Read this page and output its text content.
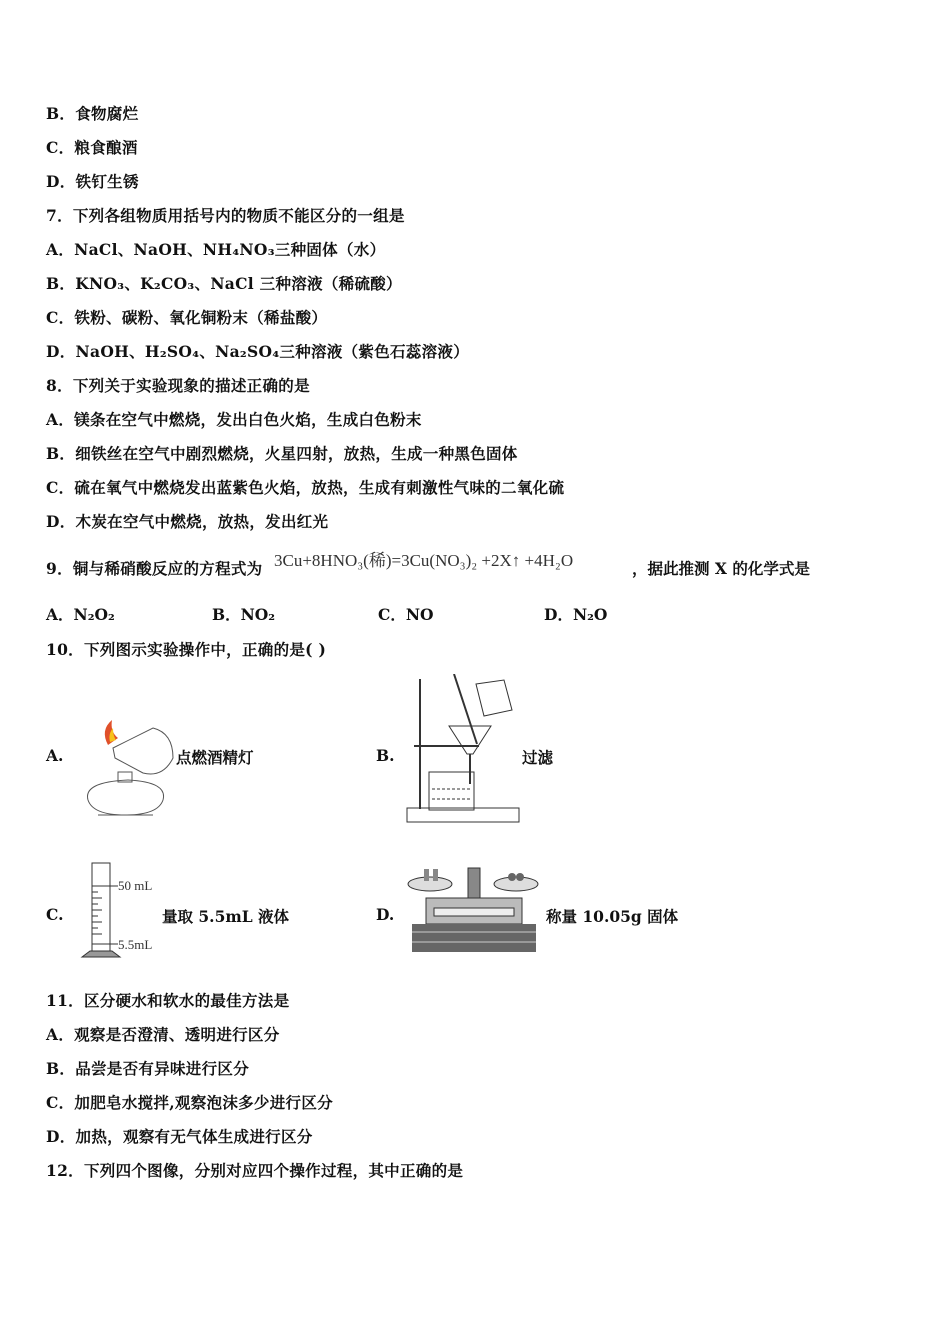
B．食物腐烂
C．粮食酿酒
D．铁钉生锈
7．下列各组物质用括号内的物质不能区分的一组是
A．NaCl、NaOH、NH₄NO₃三种固体（水）
B．KNO₃、K₂CO₃、NaCl 三种溶液（稀硫酸）
C．铁粉、碳粉、氧化铜粉末（稀盐酸）
D．NaOH、H₂SO₄、Na₂SO₄三种溶液（紫色石蕊溶液）
8．下列关于实验现象的描述正确的是
A．镁条在空气中燃烧，发出白色火焰，生成白色粉末
B．细铁丝在空气中剧烈燃烧，火星四射，放热，生成一种黑色固体
C．硫在氧气中燃烧发出蓝紫色火焰，放热，生成有刺激性气味的二氧化硫
D．木炭在空气中燃烧，放热，发出红光
9．铜与稀硝酸反应的方程式为 3Cu+8HNO₃(稀)=3Cu(NO₃)₂ +2X↑ +4H₂O	，据此推测 X 的化学式是
A．N₂O₂	B．NO₂	C．NO	D．N₂O
10．下列图示实验操作中，正确的是( )
A.	点燃酒精灯	B.	过滤
C.
50 mL
5.5mL
量取 5.5mL 液体	D.	称量 10.05g 固体
11．区分硬水和软水的最佳方法是
A．观察是否澄清、透明进行区分
B．品尝是否有异味进行区分
C．加肥皂水搅拌,观察泡沫多少进行区分
D．加热，观察有无气体生成进行区分
12．下列四个图像，分别对应四个操作过程，其中正确的是
